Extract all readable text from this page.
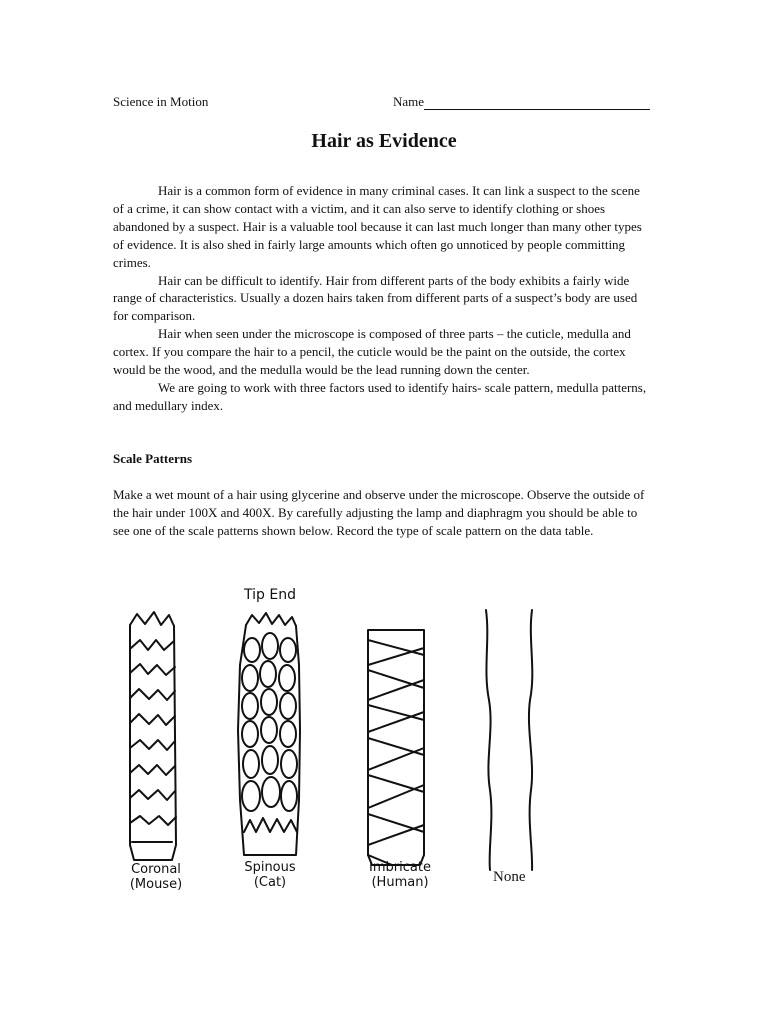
Science in Motion	Name
Hair as Evidence

Hair is a common form of evidence in many criminal cases. It can link a suspect to the scene of a crime, it can show contact with a victim, and it can also serve to identify clothing or shoes abandoned by a suspect. Hair is a valuable tool because it can last much longer than many other types of evidence. It is also shed in fairly large amounts which often go unnoticed by people committing crimes.

Hair can be difficult to identify. Hair from different parts of the body exhibits a fairly wide range of characteristics. Usually a dozen hairs taken from different parts of a suspect’s body are used for comparison.

Hair when seen under the microscope is composed of three parts – the cuticle, medulla and cortex. If you compare the hair to a pencil, the cuticle would be the paint on the outside, the cortex would be the wood, and the medulla would be the lead running down the center.

We are going to work with three factors used to identify hairs- scale pattern, medulla patterns, and medullary index.

Scale Patterns
Make a wet mount of a hair using glycerine and observe under the microscope. Observe the outside of the hair under 100X and 400X. By carefully adjusting the lamp and diaphragm you should be able to see one of the scale patterns shown below. Record the type of scale pattern on the data table.
Tip End
Coronal
(Mouse)
Spinous
(Cat)
Imbricate
(Human)	None
